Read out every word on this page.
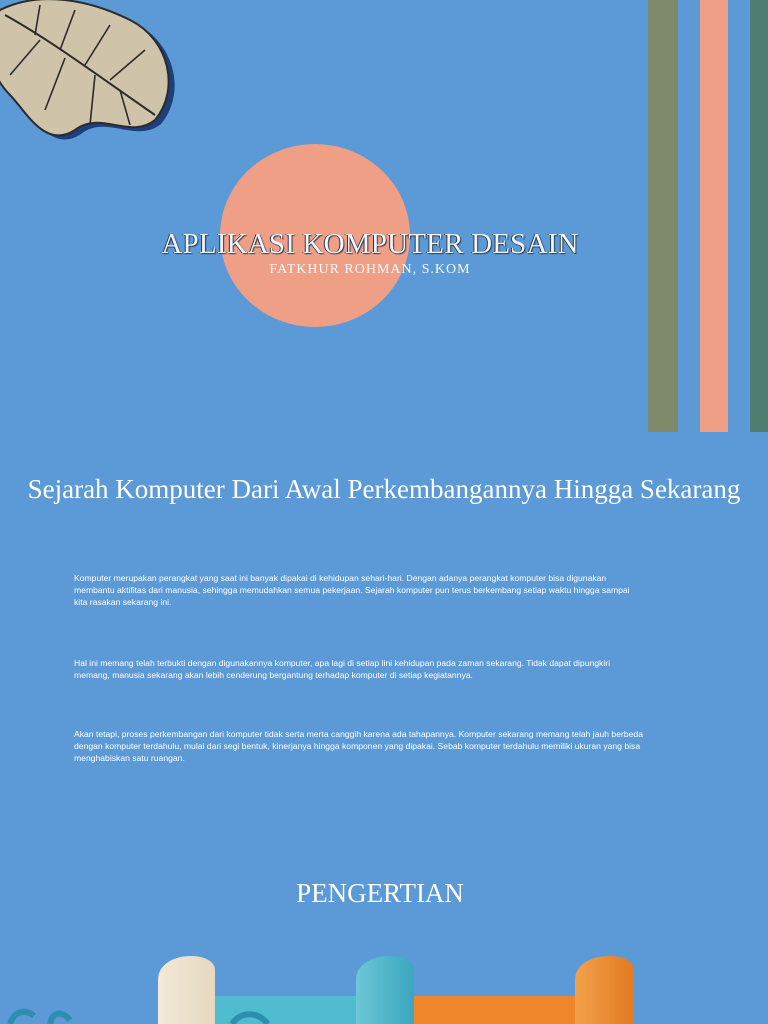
APLIKASI KOMPUTER DESAIN
FATKHUR ROHMAN, S.KOM
Sejarah Komputer Dari Awal Perkembangannya Hingga Sekarang

Komputer merupakan perangkat yang saat ini banyak dipakai di kehidupan sehari-hari. Dengan adanya perangkat komputer bisa digunakan membantu aktifitas dari manusia, sehingga memudahkan semua pekerjaan. Sejarah komputer pun terus berkembang setiap waktu hingga sampai kita rasakan sekarang ini.

Hal ini memang telah terbukti dengan digunakannya komputer, apa lagi di setiap lini kehidupan pada zaman sekarang. Tidak dapat dipungkiri memang, manusia sekarang akan lebih cenderung bergantung terhadap komputer di setiap kegiatannya.

Akan tetapi, proses perkembangan dari komputer tidak serta merta canggih karena ada tahapannya. Komputer sekarang memang telah jauh berbeda dengan komputer terdahulu, mulai dari segi bentuk, kinerjanya hingga komponen yang dipakai. Sebab komputer terdahulu memiliki ukuran yang bisa menghabiskan satu ruangan.

PENGERTIAN
